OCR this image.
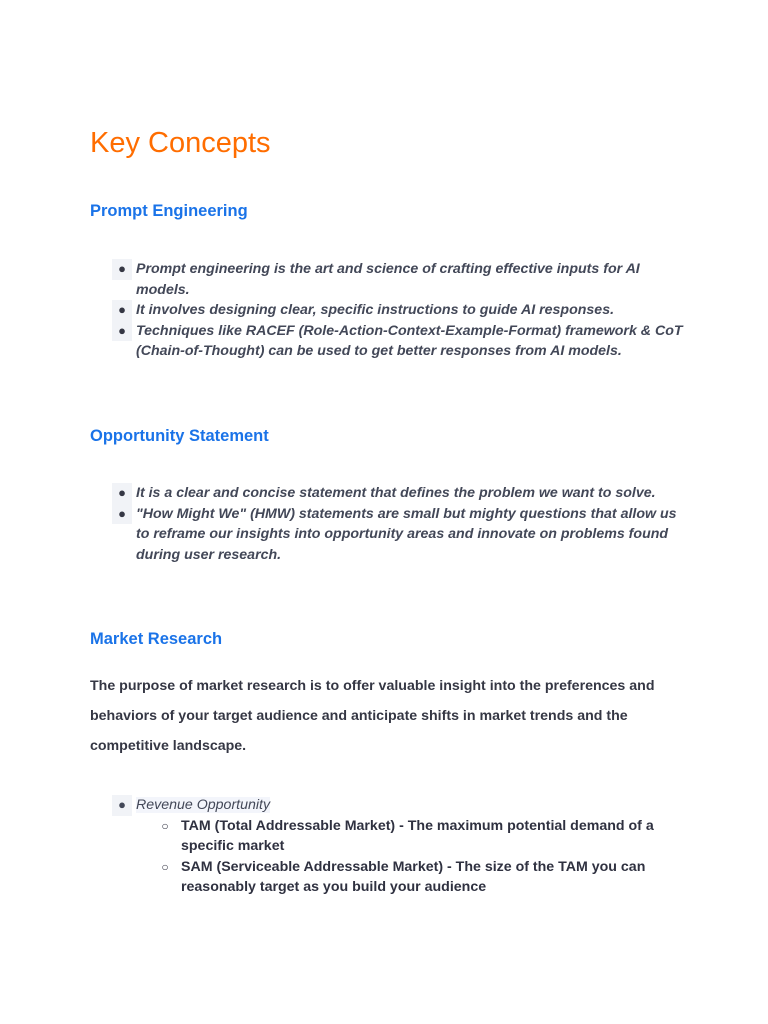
Key Concepts
Prompt Engineering
● Prompt engineering is the art and science of crafting effective inputs for AI models.
● It involves designing clear, specific instructions to guide AI responses.
● Techniques like RACEF (Role-Action-Context-Example-Format) framework & CoT (Chain-of-Thought) can be used to get better responses from AI models.
Opportunity Statement
● It is a clear and concise statement that defines the problem we want to solve.
● "How Might We" (HMW) statements are small but mighty questions that allow us to reframe our insights into opportunity areas and innovate on problems found during user research.
Market Research

The purpose of market research is to offer valuable insight into the preferences and behaviors of your target audience and anticipate shifts in market trends and the competitive landscape.

● Revenue Opportunity
○ TAM (Total Addressable Market) - The maximum potential demand of a specific market
○ SAM (Serviceable Addressable Market) - The size of the TAM you can reasonably target as you build your audience
